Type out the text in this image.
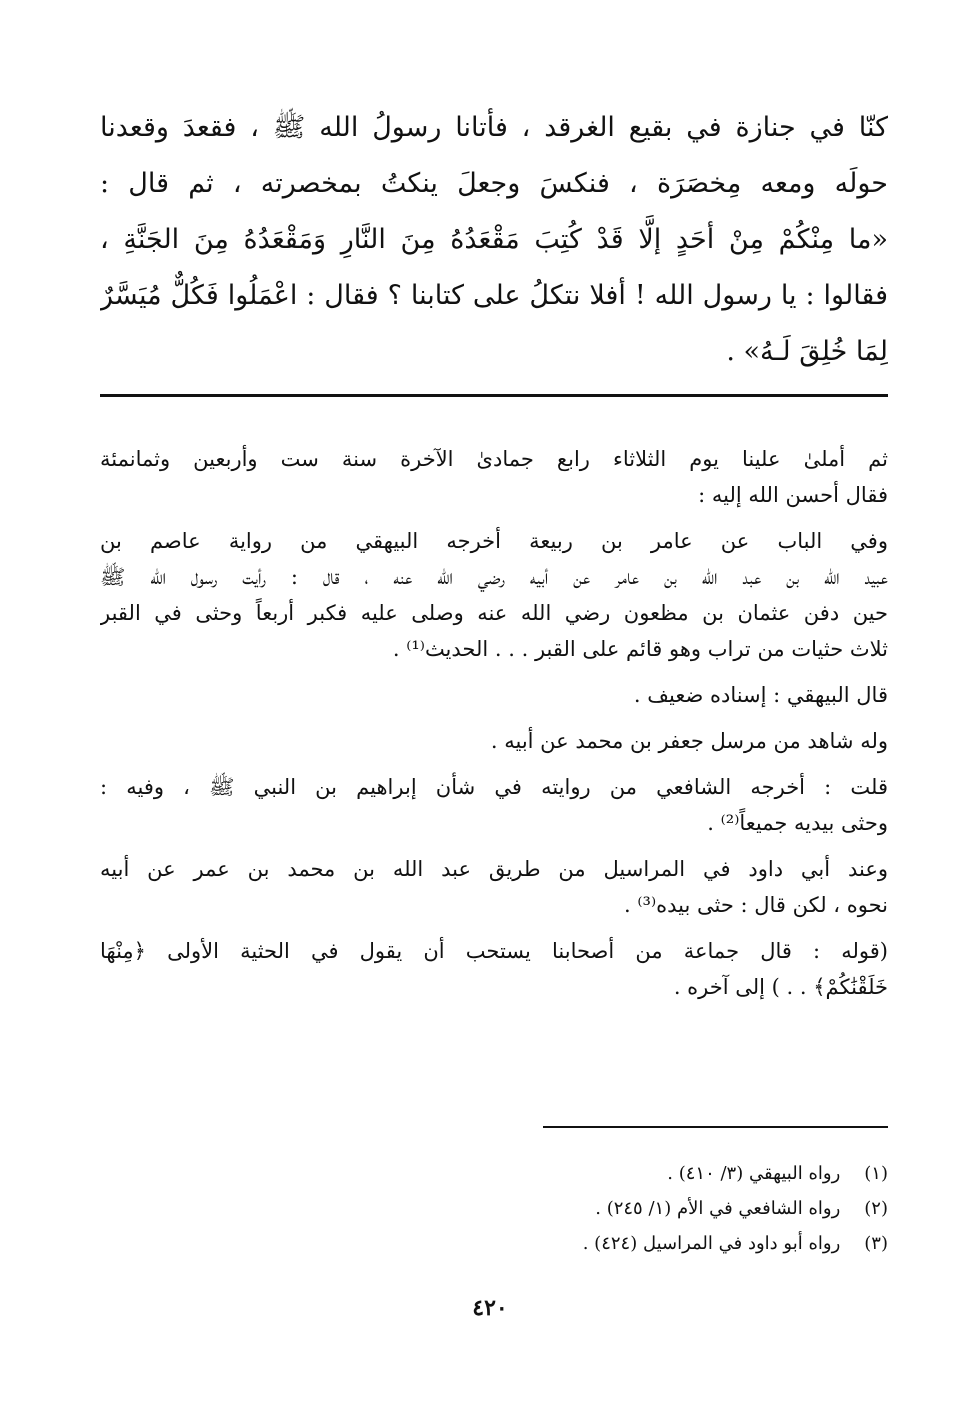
كنّا في جنازة في بقيع الغرقد ، فأتانا رسولُ الله ﷺ ، فقعدَ وقعدنا
حولَه ومعه مِخصَرَة ، فنكسَ وجعلَ ينكتُ بمخصرته ، ثم قال :
«ما مِنْكُمْ مِنْ أحَدٍ إلَّا قَدْ كُتِبَ مَقْعَدُهُ مِنَ النَّارِ وَمَقْعَدُهُ مِنَ الجَنَّةِ ،
فقالوا : يا رسول الله ! أفلا نتكلُ على كتابنا ؟ فقال : اعْمَلُوا فَكُلٌّ مُيَسَّرٌ
لِمَا خُلِقَ لَـهُ» .
ثم أملىٰ علينا يوم الثلاثاء رابع جمادىٰ الآخرة سنة ست وأربعين وثمانمئة
فقال أحسن الله إليه :
وفي الباب عن عامر بن ربيعة أخرجه البيهقي من رواية عاصم بن
عبيد الله بن عبد الله بن عامر عن أبيه رضي الله عنه ، قال : رأيت رسول الله ﷺ
حين دفن عثمان بن مظعون رضي الله عنه وصلى عليه فكبر أربعاً وحثى في القبر
ثلاث حثيات من تراب وهو قائم على القبر . . . الحديث⁽¹⁾ .
قال البيهقي : إسناده ضعيف .
وله شاهد من مرسل جعفر بن محمد عن أبيه .
قلت : أخرجه الشافعي من روايته في شأن إبراهيم بن النبي ﷺ ، وفيه :
وحثى بيديه جميعاً⁽²⁾ .
وعند أبي داود في المراسيل من طريق عبد الله بن محمد بن عمر عن أبيه
نحوه ، لكن قال : حثى بيده⁽³⁾ .
(قوله : قال جماعة من أصحابنا يستحب أن يقول في الحثية الأولى ﴿مِنْهَا
خَلَقْنَٰكُمْ﴾ . . ) إلى آخره .
(١) رواه البيهقي (٣/ ٤١٠) .
(٢) رواه الشافعي في الأم (١/ ٢٤٥) .
(٣) رواه أبو داود في المراسيل (٤٢٤) .
٤٢٠
